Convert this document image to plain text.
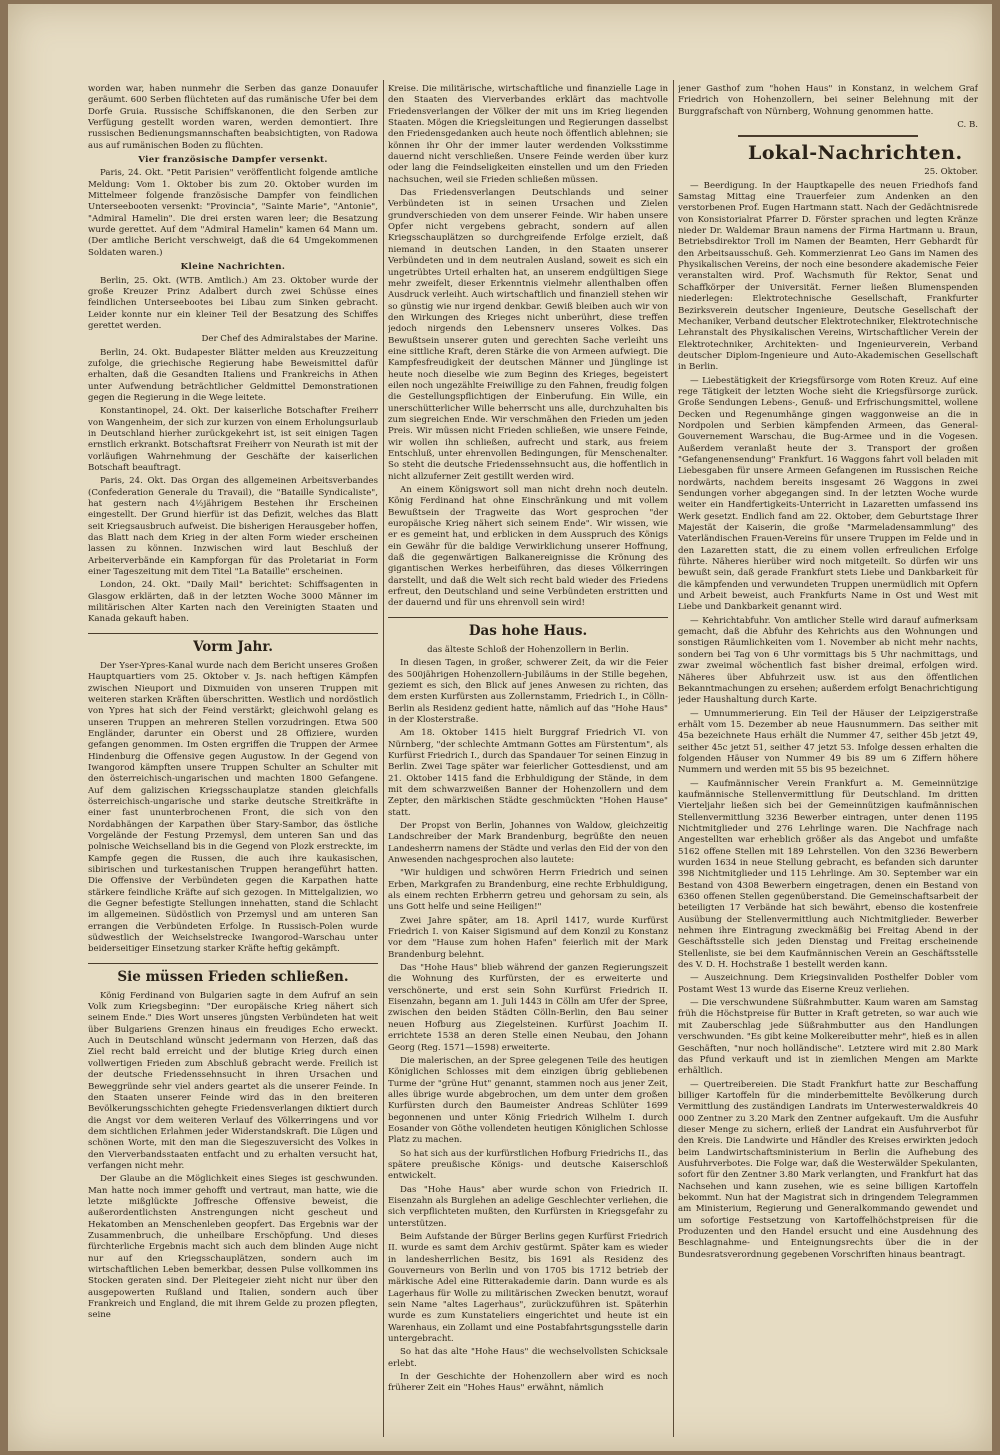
worden war, haben nunmehr die Serben das ganze Donauufer geräumt. 600 Serben flüchteten auf das rumänische Ufer bei dem Dorfe Gruia. Russische Schiffskanonen, die den Serben zur Verfügung gestellt worden waren, werden demontiert. Ihre russischen Bedienungsmannschaften beabsichtigten, von Radowa aus auf rumänischen Boden zu flüchten.

Vier französische Dampfer versenkt.

Paris, 24. Okt. "Petit Parisien" veröffentlicht folgende amtliche Meldung: Vom 1. Oktober bis zum 20. Oktober wurden im Mittelmeer folgende französische Dampfer von feindlichen Unterseebooten versenkt: "Provincia", "Sainte Marie", "Antonie", "Admiral Hamelin". Die drei ersten waren leer; die Besatzung wurde gerettet. Auf dem "Admiral Hamelin" kamen 64 Mann um. (Der amtliche Bericht verschweigt, daß die 64 Umgekommenen Soldaten waren.)

Kleine Nachrichten.

Berlin, 25. Okt. (WTB. Amtlich.) Am 23. Oktober wurde der große Kreuzer Prinz Adalbert durch zwei Schüsse eines feindlichen Unterseebootes bei Libau zum Sinken gebracht. Leider konnte nur ein kleiner Teil der Besatzung des Schiffes gerettet werden.

Der Chef des Admiralstabes der Marine.

Berlin, 24. Okt. Budapester Blätter melden aus Kreuzzeitung zufolge, die griechische Regierung habe Beweismittel dafür erhalten, daß die Gesandten Italiens und Frankreichs in Athen unter Aufwendung beträchtlicher Geldmittel Demonstrationen gegen die Regierung in die Wege leitete.

Konstantinopel, 24. Okt. Der kaiserliche Botschafter Freiherr von Wangenheim, der sich zur kurzen von einem Erholungsurlaub in Deutschland hierher zurückgekehrt ist, ist seit einigen Tagen ernstlich erkrankt. Botschaftsrat Freiherr von Neurath ist mit der vorläufigen Wahrnehmung der Geschäfte der kaiserlichen Botschaft beauftragt.

Paris, 24. Okt. Das Organ des allgemeinen Arbeitsverbandes (Confederation Generale du Travail), die "Bataille Syndicaliste", hat gestern nach 4½jährigem Bestehen ihr Erscheinen eingestellt. Der Grund hierfür ist das Defizit, welches das Blatt seit Kriegsausbruch aufweist. Die bisherigen Herausgeber hoffen, das Blatt nach dem Krieg in der alten Form wieder erscheinen lassen zu können. Inzwischen wird laut Beschluß der Arbeiterverbände ein Kampforgan für das Proletariat in Form einer Tageszeitung mit dem Titel "La Bataille" erscheinen.

London, 24. Okt. "Daily Mail" berichtet: Schiffsagenten in Glasgow erklärten, daß in der letzten Woche 3000 Männer im militärischen Alter Karten nach den Vereinigten Staaten und Kanada gekauft haben.

Vorm Jahr.

Der Yser-Ypres-Kanal wurde nach dem Bericht unseres Großen Hauptquartiers vom 25. Oktober v. Js. nach heftigen Kämpfen zwischen Nieuport und Dixmuiden von unseren Truppen mit weiteren starken Kräften überschritten. Westlich und nordöstlich von Ypres hat sich der Feind verstärkt; gleichwohl gelang es unseren Truppen an mehreren Stellen vorzudringen. Etwa 500 Engländer, darunter ein Oberst und 28 Offiziere, wurden gefangen genommen. Im Osten ergriffen die Truppen der Armee Hindenburg die Offensive gegen Augustow. In der Gegend von Iwangorod kämpften unsere Truppen Schulter an Schulter mit den österreichisch-ungarischen und machten 1800 Gefangene. Auf dem galizischen Kriegsschauplatze standen gleichfalls österreichisch-ungarische und starke deutsche Streitkräfte in einer fast ununterbrochenen Front, die sich von den Nordabhängen der Karpathen über Stary-Sambor, das östliche Vorgelände der Festung Przemysl, dem unteren San und das polnische Weichselland bis in die Gegend von Plozk erstreckte, im Kampfe gegen die Russen, die auch ihre kaukasischen, sibirischen und turkestanischen Truppen herangeführt hatten. Die Offensive der Verbündeten gegen die Karpathen hatte stärkere feindliche Kräfte auf sich gezogen. In Mittelgalizien, wo die Gegner befestigte Stellungen innehatten, stand die Schlacht im allgemeinen. Südöstlich von Przemysl und am unteren San errangen die Verbündeten Erfolge. In Russisch-Polen wurde südwestlich der Weichselstrecke Iwangorod–Warschau unter beiderseitiger Einsetzung starker Kräfte heftig gekämpft.

Sie müssen Frieden schließen.

König Ferdinand von Bulgarien sagte in dem Aufruf an sein Volk zum Kriegsbeginn: "Der europäische Krieg nähert sich seinem Ende." Dies Wort unseres jüngsten Verbündeten hat weit über Bulgariens Grenzen hinaus ein freudiges Echo erweckt. Auch in Deutschland wünscht jedermann von Herzen, daß das Ziel recht bald erreicht und der blutige Krieg durch einen vollwertigen Frieden zum Abschluß gebracht werde. Freilich ist der deutsche Friedenssehnsucht in ihren Ursachen und Beweggründe sehr viel anders geartet als die unserer Feinde. In den Staaten unserer Feinde wird das in den breiteren Bevölkerungsschichten gehegte Friedensverlangen diktiert durch die Angst vor dem weiteren Verlauf des Völkerringens und vor dem sichtlichen Erlahmen jeder Widerstandskraft. Die Lügen und schönen Worte, mit den man die Siegeszuversicht des Volkes in den Vierverbandsstaaten entfacht und zu erhalten versucht hat, verfangen nicht mehr.

Der Glaube an die Möglichkeit eines Sieges ist geschwunden. Man hatte noch immer gehofft und vertraut, man hatte, wie die letzte mißglückte Joffresche Offensive beweist, die außerordentlichsten Anstrengungen nicht gescheut und Hekatomben an Menschenleben geopfert. Das Ergebnis war der Zusammenbruch, die unheilbare Erschöpfung. Und dieses fürchterliche Ergebnis macht sich auch dem blinden Auge nicht nur auf den Kriegsschauplätzen, sondern auch im wirtschaftlichen Leben bemerkbar, dessen Pulse vollkommen ins Stocken geraten sind. Der Pleitegeier zieht nicht nur über den ausgepowerten Rußland und Italien, sondern auch über Frankreich und England, die mit ihrem Gelde zu prozen pflegten, seine

Kreise. Die militärische, wirtschaftliche und finanzielle Lage in den Staaten des Vierverbandes erklärt das machtvolle Friedensverlangen der Völker der mit uns im Krieg liegenden Staaten. Mögen die Kriegsleitungen und Regierungen dasselbst den Friedensgedanken auch heute noch öffentlich ablehnen; sie können ihr Ohr der immer lauter werdenden Volksstimme dauernd nicht verschließen. Unsere Feinde werden über kurz oder lang die Feindseligkeiten einstellen und um den Frieden nachsuchen, weil sie Frieden schließen müssen.

Das Friedensverlangen Deutschlands und seiner Verbündeten ist in seinen Ursachen und Zielen grundverschieden von dem unserer Feinde. Wir haben unsere Opfer nicht vergebens gebracht, sondern auf allen Kriegsschauplätzen so durchgreifende Erfolge erzielt, daß niemand in deutschen Landen, in den Staaten unserer Verbündeten und in dem neutralen Ausland, soweit es sich ein ungetrübtes Urteil erhalten hat, an unserem endgültigen Siege mehr zweifelt, dieser Erkenntnis vielmehr allenthalben offen Ausdruck verleiht. Auch wirtschaftlich und finanziell stehen wir so günstig wie nur irgend denkbar. Gewiß bleiben auch wir von den Wirkungen des Krieges nicht unberührt, diese treffen jedoch nirgends den Lebensnerv unseres Volkes. Das Bewußtsein unserer guten und gerechten Sache verleiht uns eine sittliche Kraft, deren Stärke die von Armeen aufwiegt. Die Kampfesfreudigkeit der deutschen Männer und Jünglinge ist heute noch dieselbe wie zum Beginn des Krieges, begeistert eilen noch ungezählte Freiwillige zu den Fahnen, freudig folgen die Gestellungspflichtigen der Einberufung. Ein Wille, ein unerschütterlicher Wille beherrscht uns alle, durchzuhalten bis zum siegreichen Ende. Wir verschmähen den Frieden um jeden Preis. Wir müssen nicht Frieden schließen, wie unsere Feinde, wir wollen ihn schließen, aufrecht und stark, aus freiem Entschluß, unter ehrenvollen Bedingungen, für Menschenalter. So steht die deutsche Friedenssehnsucht aus, die hoffentlich in nicht allzuferner Zeit gestillt werden wird.

An einem Königswort soll man nicht drehn noch deuteln. König Ferdinand hat ohne Einschränkung und mit vollem Bewußtsein der Tragweite das Wort gesprochen "der europäische Krieg nähert sich seinem Ende". Wir wissen, wie er es gemeint hat, und erblicken in dem Ausspruch des Königs ein Gewähr für die baldige Verwirklichung unserer Hoffnung, daß die gegenwärtigen Balkanereignisse die Krönung des gigantischen Werkes herbeiführen, das dieses Völkerringen darstellt, und daß die Welt sich recht bald wieder des Friedens erfreut, den Deutschland und seine Verbündeten erstritten und der dauernd und für uns ehrenvoll sein wird!

Das hohe Haus.

das älteste Schloß der Hohenzollern in Berlin.

In diesen Tagen, in großer, schwerer Zeit, da wir die Feier des 500jährigen Hohenzollern-Jubiläums in der Stille begehen, geziemt es sich, den Blick auf jenes Anwesen zu richten, das dem ersten Kurfürsten aus Zollernstamm, Friedrich I., in Cölln-Berlin als Residenz gedient hatte, nämlich auf das "Hohe Haus" in der Klosterstraße.

Am 18. Oktober 1415 hielt Burggraf Friedrich VI. von Nürnberg, "der schlechte Amtmann Gottes am Fürstentum", als Kurfürst Friedrich I., durch das Spandauer Tor seinen Einzug in Berlin. Zwei Tage später war feierlicher Gottesdienst, und am 21. Oktober 1415 fand die Erbhuldigung der Stände, in dem mit dem schwarzweißen Banner der Hohenzollern und dem Zepter, den märkischen Städte geschmückten "Hohen Hause" statt.

Der Propst von Berlin, Johannes von Waldow, gleichzeitig Landschreiber der Mark Brandenburg, begrüßte den neuen Landesherrn namens der Städte und verlas den Eid der von den Anwesenden nachgesprochen also lautete:

"Wir huldigen und schwören Herrn Friedrich und seinen Erben, Markgrafen zu Brandenburg, eine rechte Erbhuldigung, als einem rechten Erbherrn getreu und gehorsam zu sein, als uns Gott helfe und seine Heiligen!"

Zwei Jahre später, am 18. April 1417, wurde Kurfürst Friedrich I. von Kaiser Sigismund auf dem Konzil zu Konstanz vor dem "Hause zum hohen Hafen" feierlich mit der Mark Brandenburg belehnt.

Das "Hohe Haus" blieb während der ganzen Regierungszeit die Wohnung des Kurfürsten, der es erweiterte und verschönerte, und erst sein Sohn Kurfürst Friedrich II. Eisenzahn, begann am 1. Juli 1443 in Cölln am Ufer der Spree, zwischen den beiden Städten Cölln-Berlin, den Bau seiner neuen Hofburg aus Ziegelsteinen. Kurfürst Joachim II. errichtete 1538 an deren Stelle einen Neubau, den Johann Georg (Reg. 1571—1598) erweiterte.

Die malerischen, an der Spree gelegenen Teile des heutigen Königlichen Schlosses mit dem einzigen übrig gebliebenen Turme der "grüne Hut" genannt, stammen noch aus jener Zeit, alles übrige wurde abgebrochen, um dem unter dem großen Kurfürsten durch den Baumeister Andreas Schlüter 1699 begonnenen und unter König Friedrich Wilhelm I. durch Eosander von Göthe vollendeten heutigen Königlichen Schlosse Platz zu machen.

So hat sich aus der kurfürstlichen Hofburg Friedrichs II., das spätere preußische Königs- und deutsche Kaiserschloß entwickelt.

Das "Hohe Haus" aber wurde schon von Friedrich II. Eisenzahn als Burglehen an adelige Geschlechter verliehen, die sich verpflichteten mußten, den Kurfürsten in Kriegsgefahr zu unterstützen.

Beim Aufstande der Bürger Berlins gegen Kurfürst Friedrich II. wurde es samt dem Archiv gestürmt. Später kam es wieder in landesherrlichen Besitz, bis 1691 als Residenz des Gouverneurs von Berlin und von 1705 bis 1712 betrieb der märkische Adel eine Ritterakademie darin. Dann wurde es als Lagerhaus für Wolle zu militärischen Zwecken benutzt, worauf sein Name "altes Lagerhaus", zurückzuführen ist. Späterhin wurde es zum Kunstateliers eingerichtet und heute ist ein Warenhaus, ein Zollamt und eine Postabfahrtsgungsstelle darin untergebracht.

So hat das alte "Hohe Haus" die wechselvollsten Schicksale erlebt.

In der Geschichte der Hohenzollern aber wird es noch früherer Zeit ein "Hohes Haus" erwähnt, nämlich

jener Gasthof zum "hohen Haus" in Konstanz, in welchem Graf Friedrich von Hohenzollern, bei seiner Belehnung mit der Burggrafschaft von Nürnberg, Wohnung genommen hatte.

C. B.
Lokal-Nachrichten.
25. Oktober.

— Beerdigung. In der Hauptkapelle des neuen Friedhofs fand Samstag Mittag eine Trauerfeier zum Andenken an den verstorbenen Prof. Eugen Hartmann statt. Nach der Gedächtnisrede von Konsistorialrat Pfarrer D. Förster sprachen und legten Kränze nieder Dr. Waldemar Braun namens der Firma Hartmann u. Braun, Betriebsdirektor Troll im Namen der Beamten, Herr Gebhardt für den Arbeitsausschuß. Geh. Kommerzienrat Leo Gans im Namen des Physikalischen Vereins, der noch eine besondere akademische Feier veranstalten wird. Prof. Wachsmuth für Rektor, Senat und Schaffkörper der Universität. Ferner ließen Blumenspenden niederlegen: Elektrotechnische Gesellschaft, Frankfurter Bezirksverein deutscher Ingenieure, Deutsche Gesellschaft der Mechaniker, Verband deutscher Elektrotechniker, Elektrotechnische Lehranstalt des Physikalischen Vereins, Wirtschaftlicher Verein der Elektrotechniker, Architekten- und Ingenieurverein, Verband deutscher Diplom-Ingenieure und Auto-Akademischen Gesellschaft in Berlin.

— Liebestätigkeit der Kriegsfürsorge vom Roten Kreuz. Auf eine rege Tätigkeit der letzten Woche sieht die Kriegsfürsorge zurück. Große Sendungen Lebens-, Genuß- und Erfrischungsmittel, wollene Decken und Regenumhänge gingen waggonweise an die in Nordpolen und Serbien kämpfenden Armeen, das General-Gouvernement Warschau, die Bug-Armee und in die Vogesen. Außerdem veranlaßt heute der 3. Transport der großen "Gefangenensendung" Frankfurt. 16 Waggons fahrt voll beladen mit Liebesgaben für unsere Armeen Gefangenen im Russischen Reiche nordwärts, nachdem bereits insgesamt 26 Waggons in zwei Sendungen vorher abgegangen sind. In der letzten Woche wurde weiter ein Handfertigkeits-Unterricht in Lazaretten umfassend ins Werk gesetzt. Endlich fand am 22. Oktober, dem Geburtstage Ihrer Majestät der Kaiserin, die große "Marmeladensammlung" des Vaterländischen Frauen-Vereins für unsere Truppen im Felde und in den Lazaretten statt, die zu einem vollen erfreulichen Erfolge führte. Näheres hierüber wird noch mitgeteilt. So dürfen wir uns bewußt sein, daß gerade Frankfurt stets Liebe und Dankbarkeit für die kämpfenden und verwundeten Truppen unermüdlich mit Opfern und Arbeit beweist, auch Frankfurts Name in Ost und West mit Liebe und Dankbarkeit genannt wird.

— Kehrichtabfuhr. Von amtlicher Stelle wird darauf aufmerksam gemacht, daß die Abfuhr des Kehrichts aus den Wohnungen und sonstigen Räumlichkeiten vom 1. November ab nicht mehr nachts, sondern bei Tag von 6 Uhr vormittags bis 5 Uhr nachmittags, und zwar zweimal wöchentlich fast bisher dreimal, erfolgen wird. Näheres über Abfuhrzeit usw. ist aus den öffentlichen Bekanntmachungen zu ersehen; außerdem erfolgt Benachrichtigung jeder Haushaltung durch Karte.

— Umnummerierung. Ein Teil der Häuser der Leipzigerstraße erhält vom 15. Dezember ab neue Hausnummern. Das seither mit 45a bezeichnete Haus erhält die Nummer 47, seither 45b jetzt 49, seither 45c jetzt 51, seither 47 jetzt 53. Infolge dessen erhalten die folgenden Häuser von Nummer 49 bis 89 um 6 Ziffern höhere Nummern und werden mit 55 bis 95 bezeichnet.

— Kaufmännischer Verein Frankfurt a. M. Gemeinnützige kaufmännische Stellenvermittlung für Deutschland. Im dritten Vierteljahr ließen sich bei der Gemeinnützigen kaufmännischen Stellenvermittlung 3236 Bewerber eintragen, unter denen 1195 Nichtmitglieder und 276 Lehrlinge waren. Die Nachfrage nach Angestellten war erheblich größer als das Angebot und umfaßte 5162 offene Stellen mit 189 Lehrstellen. Von den 3236 Bewerbern wurden 1634 in neue Stellung gebracht, es befanden sich darunter 398 Nichtmitglieder und 115 Lehrlinge. Am 30. September war ein Bestand von 4308 Bewerbern eingetragen, denen ein Bestand von 6360 offenen Stellen gegenüberstand. Die Gemeinschaftsarbeit der beteiligten 17 Verbände hat sich bewährt, ebenso die kostenfreie Ausübung der Stellenvermittlung auch Nichtmitglieder. Bewerber nehmen ihre Eintragung zweckmäßig bei Freitag Abend in der Geschäftsstelle sich jeden Dienstag und Freitag erscheinende Stellenliste, sie bei dem Kaufmännischen Verein an Geschäftsstelle des V. D. H. Hochstraße 1 bestellt werden kann.

— Auszeichnung. Dem Kriegsinvaliden Posthelfer Dobler vom Postamt West 13 wurde das Eiserne Kreuz verliehen.

— Die verschwundene Süßrahmbutter. Kaum waren am Samstag früh die Höchstpreise für Butter in Kraft getreten, so war auch wie mit Zauberschlag jede Süßrahmbutter aus den Handlungen verschwunden. "Es gibt keine Molkereibutter mehr", hieß es in allen Geschäften, "nur noch holländische". Letztere wird mit 2.80 Mark das Pfund verkauft und ist in ziemlichen Mengen am Markte erhältlich.

— Quertreibereien. Die Stadt Frankfurt hatte zur Beschaffung billiger Kartoffeln für die minderbemittelte Bevölkerung durch Vermittlung des zuständigen Landrats im Unterwesterwaldkreis 40 000 Zentner zu 3.20 Mark den Zentner aufgekauft. Um die Ausfuhr dieser Menge zu sichern, erließ der Landrat ein Ausfuhrverbot für den Kreis. Die Landwirte und Händler des Kreises erwirkten jedoch beim Landwirtschaftsministerium in Berlin die Aufhebung des Ausfuhrverbotes. Die Folge war, daß die Westerwälder Spekulanten, sofort für den Zentner 3.80 Mark verlangten, und Frankfurt hat das Nachsehen und kann zusehen, wie es seine billigen Kartoffeln bekommt. Nun hat der Magistrat sich in dringendem Telegrammen am Ministerium, Regierung und Generalkommando gewendet und um sofortige Festsetzung von Kartoffelhöchstpreisen für die Produzenten und den Handel ersucht und eine Ausdehnung des Beschlagnahme- und Enteignungsrechts über die in der Bundesratsverordnung gegebenen Vorschriften hinaus beantragt.
